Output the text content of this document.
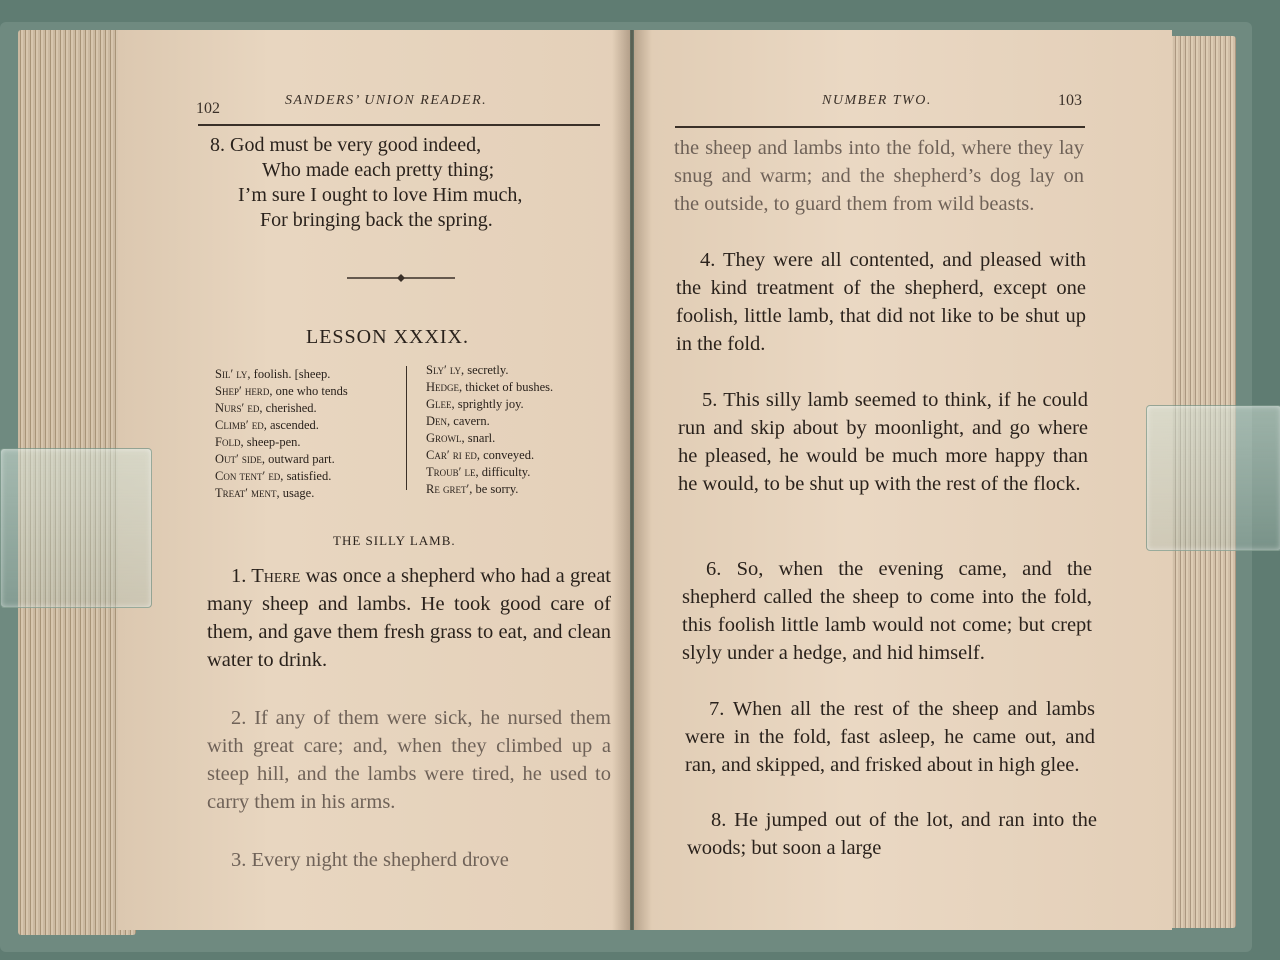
102	SANDERS’ UNION READER.
8. God must be very good indeed,
Who made each pretty thing;
I’m sure I ought to love Him much,
For bringing back the spring.
LESSON XXXIX.
Sil′ ly, foolish. [sheep.
Shep′ herd, one who tends
Nurs′ ed, cherished.
Climb′ ed, ascended.
Fold, sheep-pen.
Out′ side, outward part.
Con tent′ ed, satisfied.
Treat′ ment, usage.
Sly′ ly, secretly.
Hedge, thicket of bushes.
Glee, sprightly joy.
Den, cavern.
Growl, snarl.
Car′ ri ed, conveyed.
Troub′ le, difficulty.
Re gret′, be sorry.
THE SILLY LAMB.
1. There was once a shepherd who had a great many sheep and lambs. He took good care of them, and gave them fresh grass to eat, and clean water to drink.
2. If any of them were sick, he nursed them with great care; and, when they climbed up a steep hill, and the lambs were tired, he used to carry them in his arms.
3. Every night the shepherd drove
NUMBER TWO.	103
the sheep and lambs into the fold, where they lay snug and warm; and the shepherd’s dog lay on the outside, to guard them from wild beasts.
4. They were all contented, and pleased with the kind treatment of the shepherd, except one foolish, little lamb, that did not like to be shut up in the fold.
5. This silly lamb seemed to think, if he could run and skip about by moonlight, and go where he pleased, he would be much more happy than he would, to be shut up with the rest of the flock.
6. So, when the evening came, and the shepherd called the sheep to come into the fold, this foolish little lamb would not come; but crept slyly under a hedge, and hid himself.
7. When all the rest of the sheep and lambs were in the fold, fast asleep, he came out, and ran, and skipped, and frisked about in high glee.
8. He jumped out of the lot, and ran into the woods; but soon a large
